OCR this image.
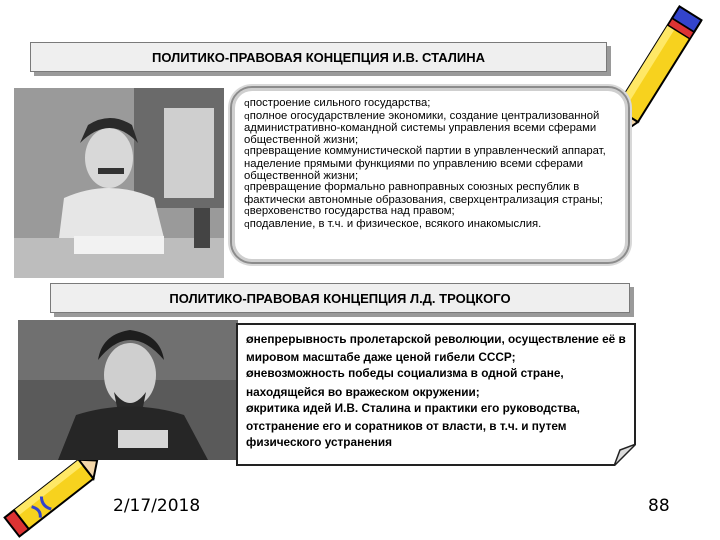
ПОЛИТИКО-ПРАВОВАЯ КОНЦЕПЦИЯ И.В. СТАЛИНА
qпостроение сильного государства;
qполное огосударствление экономики, создание централизованной административно-командной системы управления всеми сферами общественной жизни;
qпревращение коммунистической партии в управленческий аппарат, наделение прямыми функциями по управлению всеми сферами общественной жизни;
qпревращение формально равноправных союзных республик в фактически автономные образования, сверхцентрализация страны;
qверховенство государства над правом;
qподавление, в т.ч. и физическое, всякого инакомыслия.
ПОЛИТИКО-ПРАВОВАЯ КОНЦЕПЦИЯ Л.Д. ТРОЦКОГО
Øнепрерывность пролетарской революции, осуществление её в мировом масштабе даже ценой гибели СССР;
Øневозможность победы социализма в одной стране, находящейся во вражеском окружении;
Øкритика идей И.В. Сталина и практики его руководства, отстранение его и соратников от власти, в т.ч. и путем физического устранения
2/17/2018	88
